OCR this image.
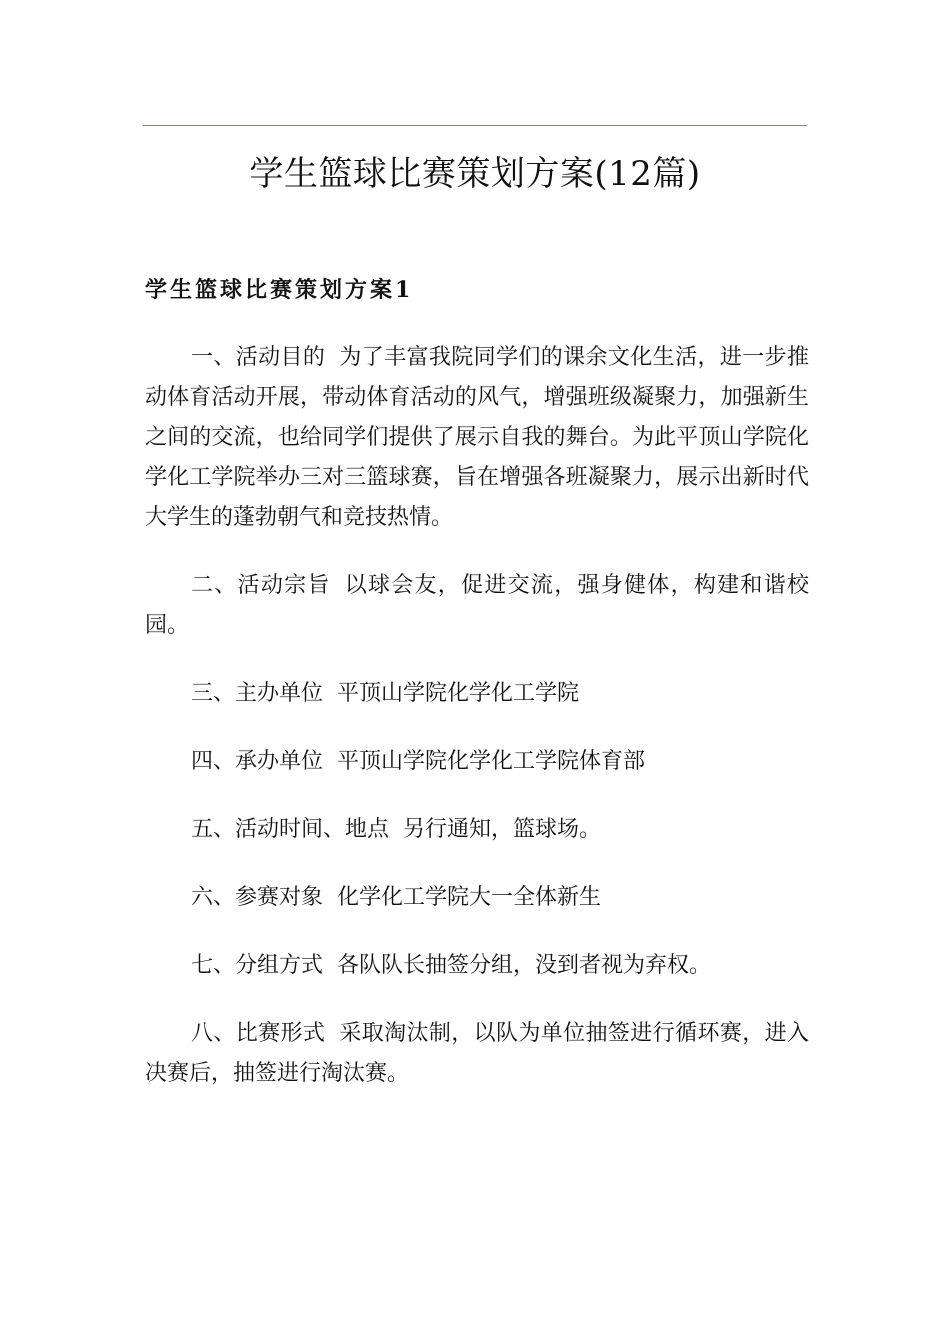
学生篮球比赛策划方案(12篇)
学生篮球比赛策划方案1

一、活动目的 为了丰富我院同学们的课余文化生活，进一步推动体育活动开展，带动体育活动的风气，增强班级凝聚力，加强新生之间的交流，也给同学们提供了展示自我的舞台。为此平顶山学院化学化工学院举办三对三篮球赛，旨在增强各班凝聚力，展示出新时代大学生的蓬勃朝气和竞技热情。

二、活动宗旨 以球会友，促进交流，强身健体，构建和谐校园。

三、主办单位 平顶山学院化学化工学院

四、承办单位 平顶山学院化学化工学院体育部

五、活动时间、地点 另行通知，篮球场。

六、参赛对象 化学化工学院大一全体新生

七、分组方式 各队队长抽签分组，没到者视为弃权。

八、比赛形式 采取淘汰制，以队为单位抽签进行循环赛，进入决赛后，抽签进行淘汰赛。
